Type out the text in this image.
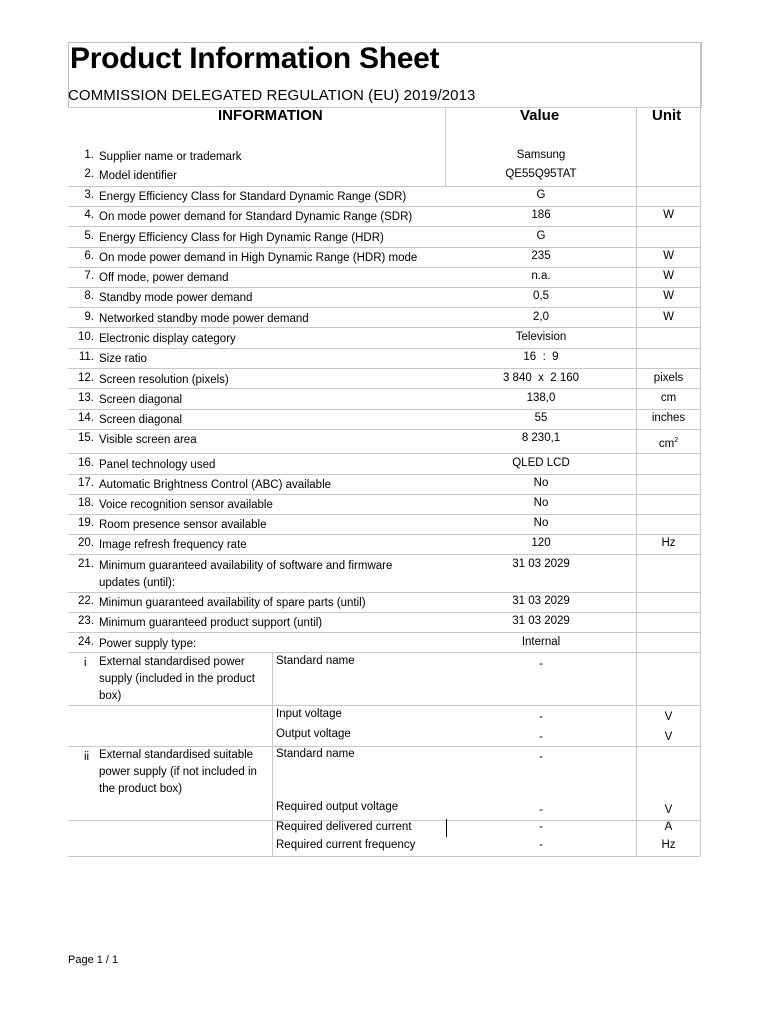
Product Information Sheet
COMMISSION DELEGATED REGULATION (EU) 2019/2013
INFORMATION	Value	Unit
1. Supplier name or trademark	Samsung
2. Model identifier	QE55Q95TAT
3. Energy Efficiency Class for Standard Dynamic Range (SDR)	G
4. On mode power demand for Standard Dynamic Range (SDR)	186	W
5. Energy Efficiency Class for High Dynamic Range (HDR)	G
6. On mode power demand in High Dynamic Range (HDR) mode	235	W
7. Off mode, power demand	n.a.	W
8. Standby mode power demand	0,5	W
9. Networked standby mode power demand	2,0	W
10. Electronic display category	Television
11. Size ratio	16  :  9
12. Screen resolution (pixels)	3 840  x  2 160	pixels
13. Screen diagonal	138,0	cm
14. Screen diagonal	55	inches
15. Visible screen area	8 230,1	$cm^2$
16. Panel technology used	QLED LCD
17. Automatic Brightness Control (ABC) available	No
18. Voice recognition sensor available	No
19. Room presence sensor available	No
20. Image refresh frequency rate	120	Hz
21. Minimum guaranteed availability of software and firmware updates (until):
31 03 2029
22. Minimun guaranteed availability of spare parts (until)	31 03 2029
23. Minimum guaranteed product support (until)	31 03 2029
24. Power supply type:	Internal
i External standardised power supply (included in the product box)
Standard name	-
Input voltage	-	V
Output voltage	-	V
ii External standardised suitable power supply (if not included in the product box)
Standard name	-
Required output voltage	-	V
Required delivered current	-	A
Required current frequency	-	Hz
Page 1 / 1
